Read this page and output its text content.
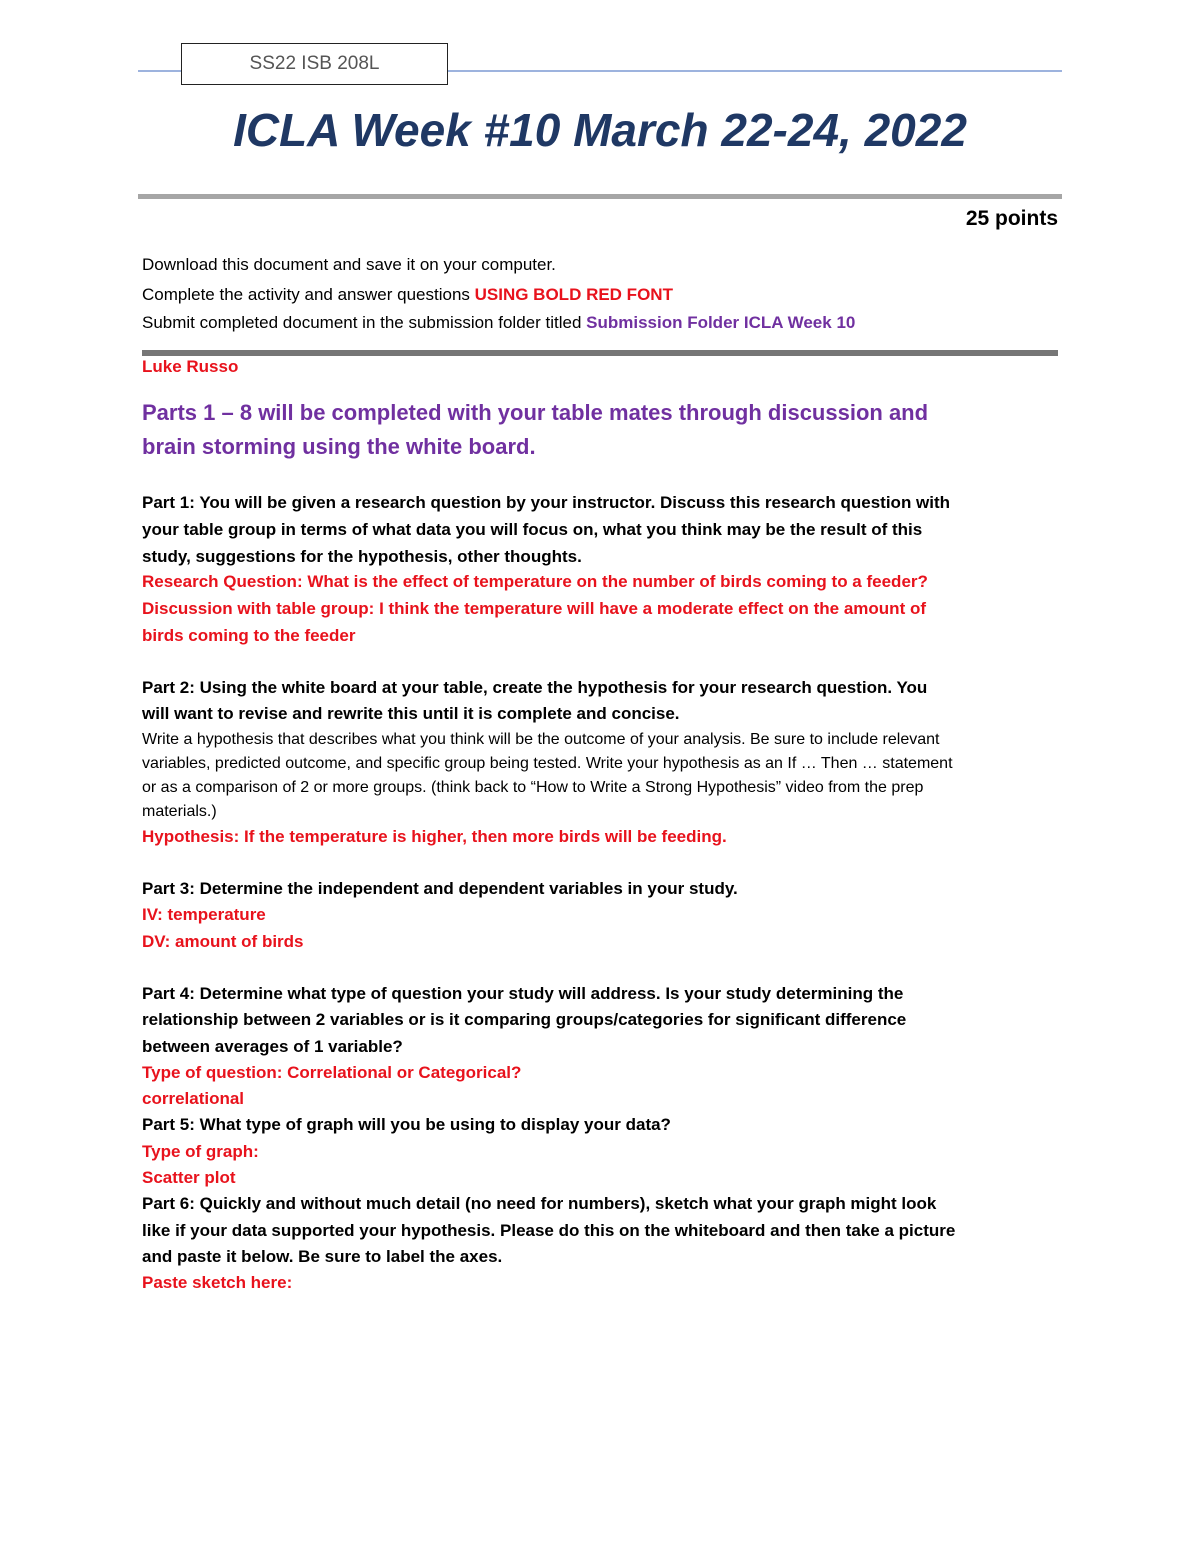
SS22 ISB 208L
ICLA Week #10 March 22-24, 2022
25 points
Download this document and save it on your computer.
Complete the activity and answer questions USING BOLD RED FONT
Submit completed document in the submission folder titled Submission Folder ICLA Week 10
Luke Russo
Parts 1 – 8 will be completed with your table mates through discussion and
brain storming using the white board.
Part 1: You will be given a research question by your instructor. Discuss this research question with
your table group in terms of what data you will focus on, what you think may be the result of this
study, suggestions for the hypothesis, other thoughts.
Research Question: What is the effect of temperature on the number of birds coming to a feeder?
Discussion with table group: I think the temperature will have a moderate effect on the amount of
birds coming to the feeder
Part 2: Using the white board at your table, create the hypothesis for your research question. You
will want to revise and rewrite this until it is complete and concise.
Write a hypothesis that describes what you think will be the outcome of your analysis. Be sure to include relevant
variables, predicted outcome, and specific group being tested. Write your hypothesis as an If … Then … statement
or as a comparison of 2 or more groups. (think back to “How to Write a Strong Hypothesis” video from the prep
materials.)
Hypothesis: If the temperature is higher, then more birds will be feeding.
Part 3: Determine the independent and dependent variables in your study.
IV: temperature
DV: amount of birds
Part 4: Determine what type of question your study will address. Is your study determining the
relationship between 2 variables or is it comparing groups/categories for significant difference
between averages of 1 variable?
Type of question: Correlational or Categorical?
correlational
Part 5: What type of graph will you be using to display your data?
Type of graph:
Scatter plot
Part 6: Quickly and without much detail (no need for numbers), sketch what your graph might look
like if your data supported your hypothesis. Please do this on the whiteboard and then take a picture
and paste it below. Be sure to label the axes.
Paste sketch here:
